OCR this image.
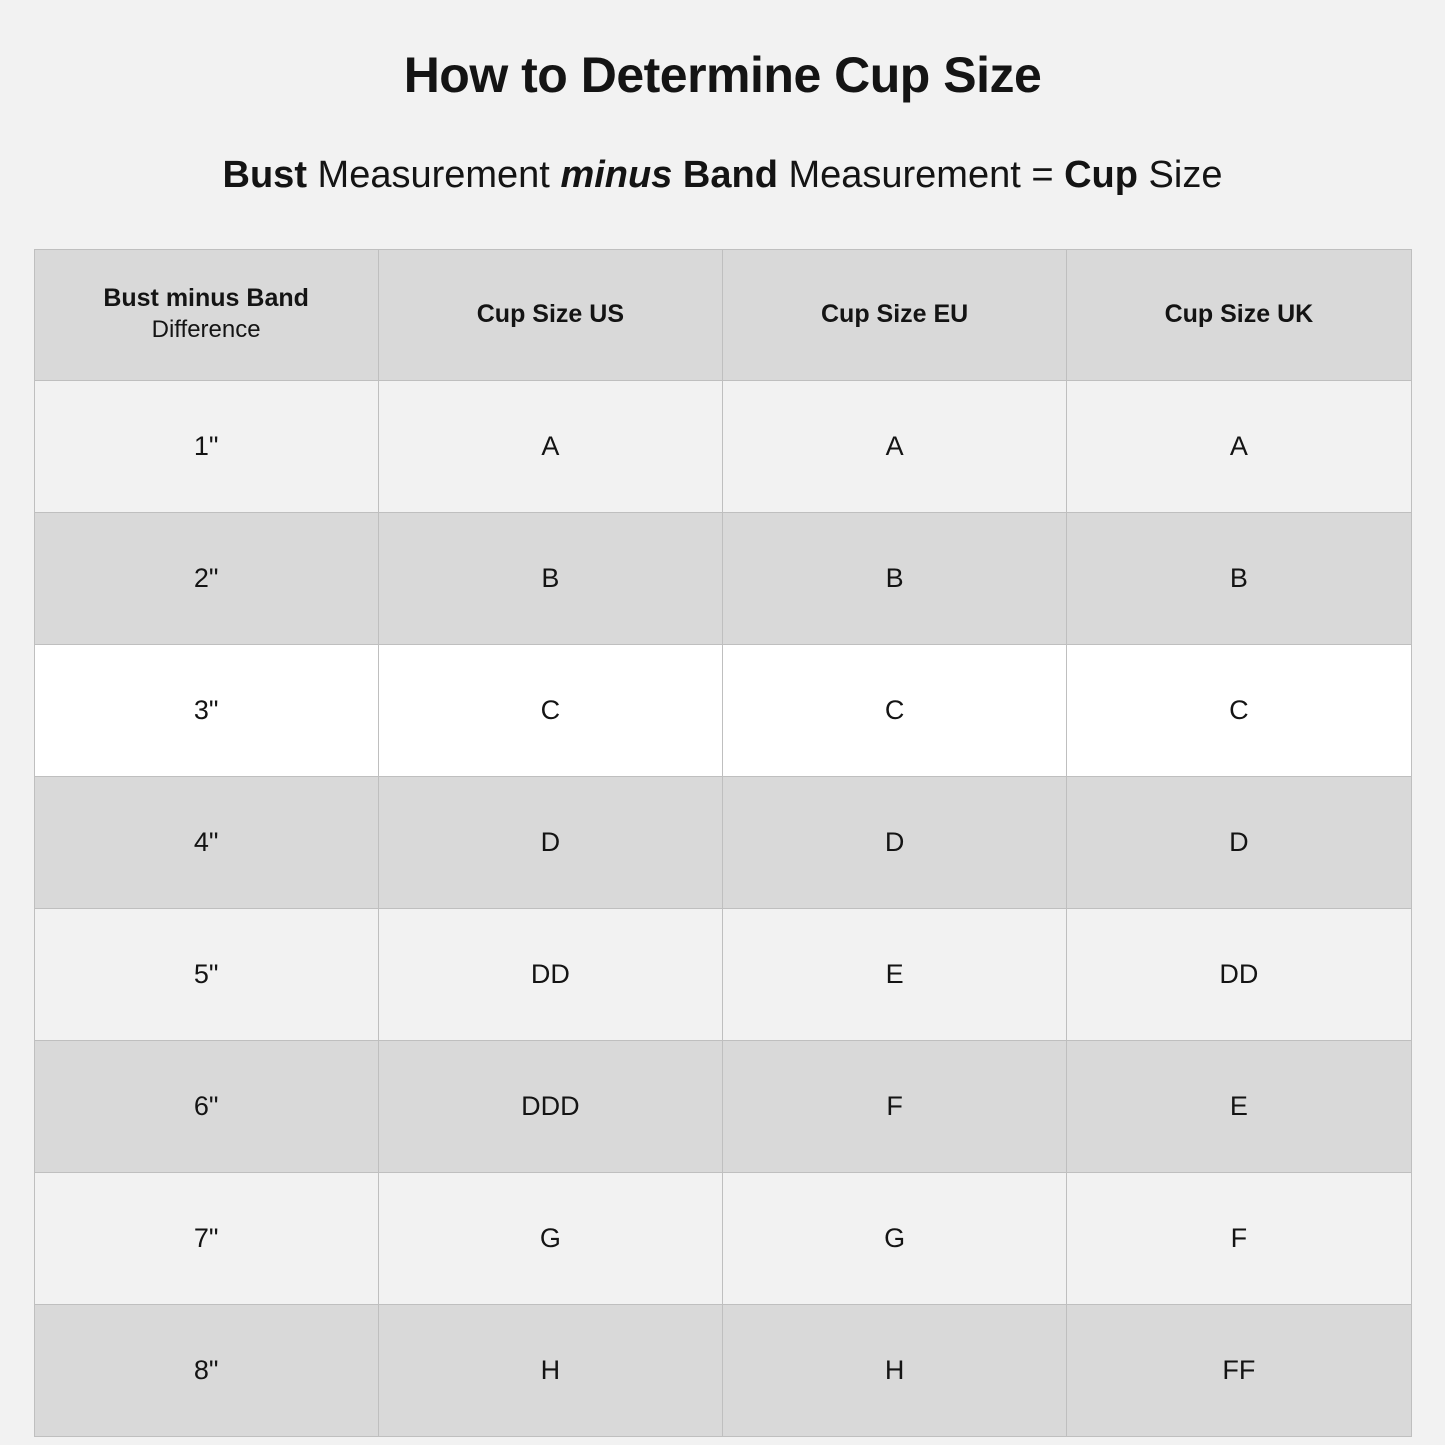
How to Determine Cup Size
Bust Measurement minus Band Measurement = Cup Size
Bust minus Band
Difference	Cup Size US	Cup Size EU	Cup Size UK

1"	A	A	A
2"	B	B	B
3"	C	C	C
4"	D	D	D
5"	DD	E	DD
6"	DDD	F	E
7"	G	G	F
8"	H	H	FF
